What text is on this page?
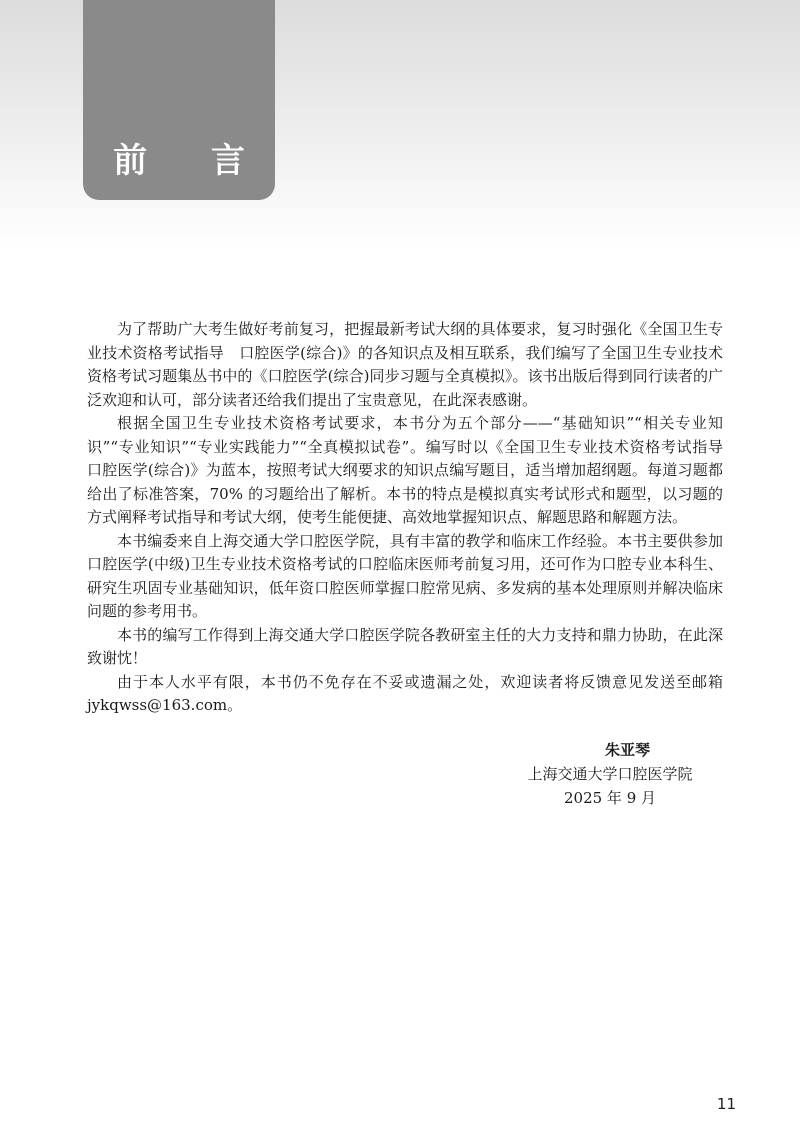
前 言

为了帮助广大考生做好考前复习，把握最新考试大纲的具体要求，复习时强化《全国卫生专业技术资格考试指导　口腔医学(综合)》的各知识点及相互联系，我们编写了全国卫生专业技术资格考试习题集丛书中的《口腔医学(综合)同步习题与全真模拟》。该书出版后得到同行读者的广泛欢迎和认可，部分读者还给我们提出了宝贵意见，在此深表感谢。

根据全国卫生专业技术资格考试要求，本书分为五个部分——“基础知识”“相关专业知识”“专业知识”“专业实践能力”“全真模拟试卷”。编写时以《全国卫生专业技术资格考试指导　口腔医学(综合)》为蓝本，按照考试大纲要求的知识点编写题目，适当增加超纲题。每道习题都给出了标准答案，70% 的习题给出了解析。本书的特点是模拟真实考试形式和题型，以习题的方式阐释考试指导和考试大纲，使考生能便捷、高效地掌握知识点、解题思路和解题方法。

本书编委来自上海交通大学口腔医学院，具有丰富的教学和临床工作经验。本书主要供参加口腔医学(中级)卫生专业技术资格考试的口腔临床医师考前复习用，还可作为口腔专业本科生、研究生巩固专业基础知识，低年资口腔医师掌握口腔常见病、多发病的基本处理原则并解决临床问题的参考用书。

本书的编写工作得到上海交通大学口腔医学院各教研室主任的大力支持和鼎力协助，在此深致谢忱！

由于本人水平有限，本书仍不免存在不妥或遗漏之处，欢迎读者将反馈意见发送至邮箱 jykqwss@163.com。

朱亚琴
上海交通大学口腔医学院
2025 年 9 月
11
